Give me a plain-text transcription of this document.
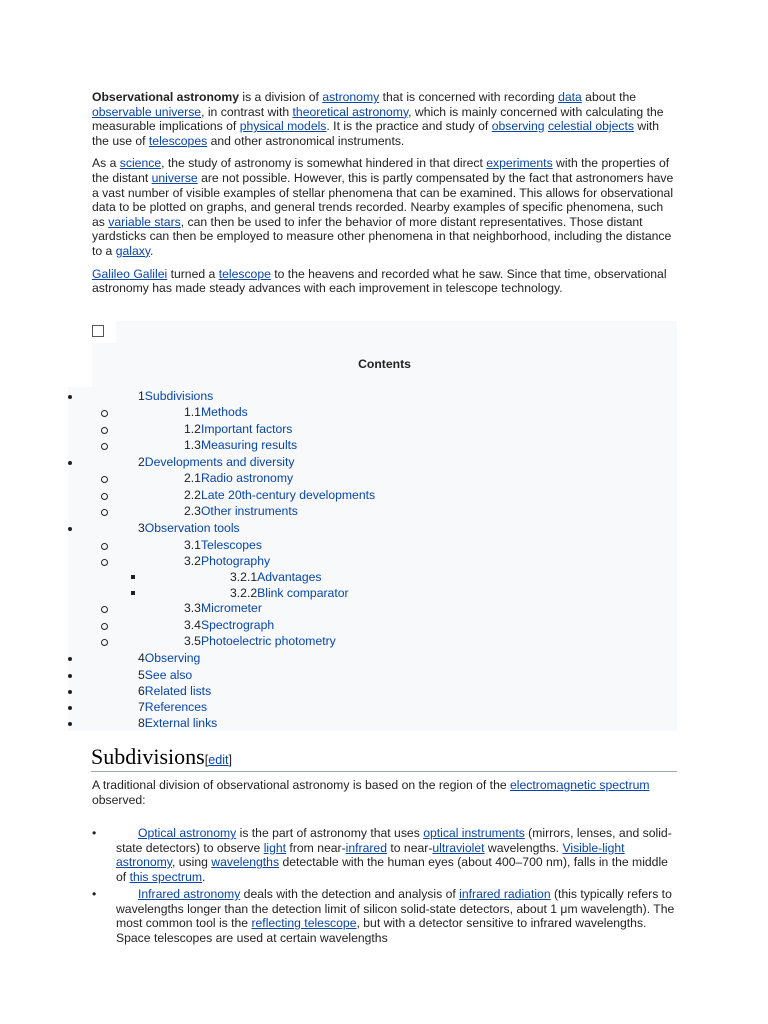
Observational astronomy is a division of astronomy that is concerned with recording data about the observable universe, in contrast with theoretical astronomy, which is mainly concerned with calculating the measurable implications of physical models. It is the practice and study of observing celestial objects with the use of telescopes and other astronomical instruments.

As a science, the study of astronomy is somewhat hindered in that direct experiments with the properties of the distant universe are not possible. However, this is partly compensated by the fact that astronomers have a vast number of visible examples of stellar phenomena that can be examined. This allows for observational data to be plotted on graphs, and general trends recorded. Nearby examples of specific phenomena, such as variable stars, can then be used to infer the behavior of more distant representatives. Those distant yardsticks can then be employed to measure other phenomena in that neighborhood, including the distance to a galaxy.

Galileo Galilei turned a telescope to the heavens and recorded what he saw. Since that time, observational astronomy has made steady advances with each improvement in telescope technology.

Contents
1Subdivisions
1.1Methods
1.2Important factors
1.3Measuring results
2Developments and diversity
2.1Radio astronomy
2.2Late 20th-century developments
2.3Other instruments
3Observation tools
3.1Telescopes
3.2Photography
3.2.1Advantages
3.2.2Blink comparator
3.3Micrometer
3.4Spectrograph
3.5Photoelectric photometry
4Observing
5See also
6Related lists
7References
8External links
Subdivisions[edit]
A traditional division of observational astronomy is based on the region of the electromagnetic spectrum observed:
•	Optical astronomy is the part of astronomy that uses optical instruments (mirrors, lenses, and solid-state detectors) to observe light from near-infrared to near-ultraviolet wavelengths. Visible-light astronomy, using wavelengths detectable with the human eyes (about 400–700 nm), falls in the middle of this spectrum.
•	Infrared astronomy deals with the detection and analysis of infrared radiation (this typically refers to wavelengths longer than the detection limit of silicon solid-state detectors, about 1 μm wavelength). The most common tool is the reflecting telescope, but with a detector sensitive to infrared wavelengths. Space telescopes are used at certain wavelengths
